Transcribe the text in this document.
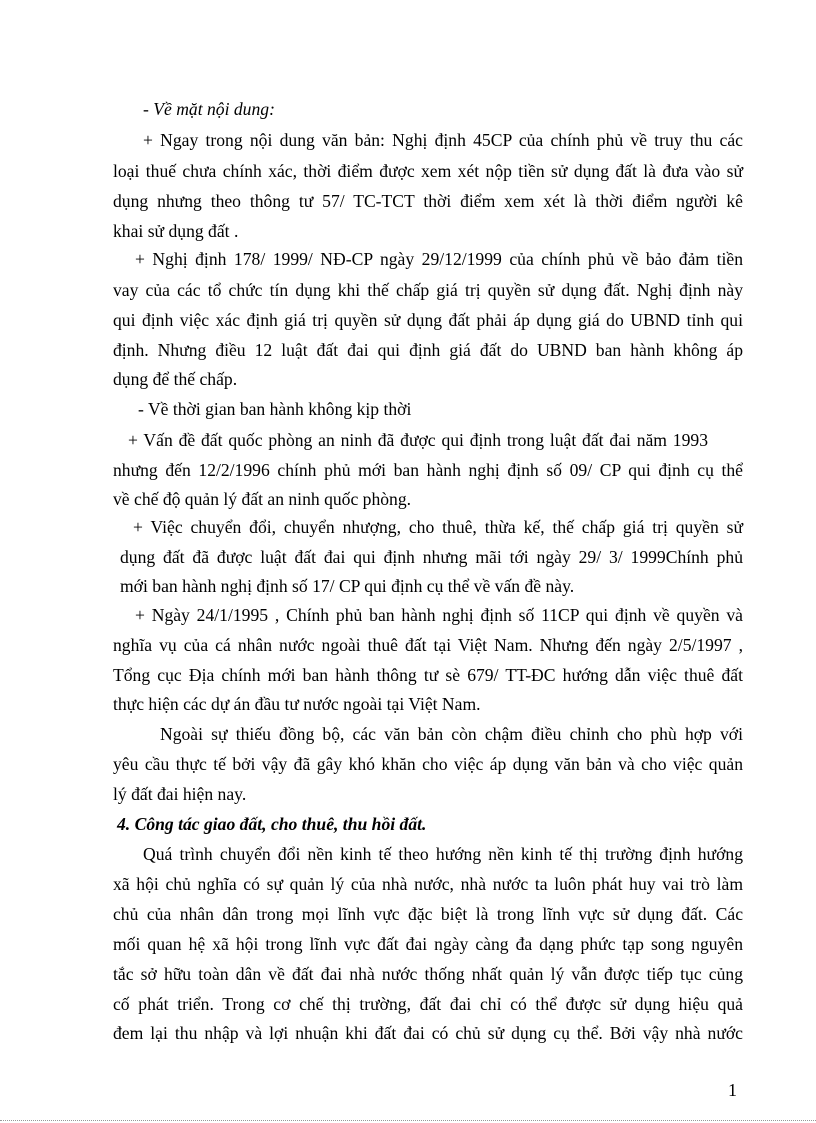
- Về mặt nội dung:
+ Ngay trong nội dung văn bản: Nghị định 45CP của chính phủ về truy thu các
loại thuế chưa chính xác, thời điểm được xem xét nộp tiền sử dụng đất là đưa vào sử
dụng nhưng theo thông tư 57/ TC-TCT thời điểm xem xét là thời điểm người kê
khai sử dụng đất .
+ Nghị định 178/ 1999/ NĐ-CP ngày 29/12/1999 của chính phủ về bảo đảm tiền
vay của các tổ chức tín dụng khi thế chấp giá trị quyền sử dụng đất. Nghị định này
qui định việc xác định giá trị quyền sử dụng đất phải áp dụng giá do UBND tỉnh qui
định. Nhưng điều 12 luật đất đai qui định giá đất do UBND ban hành không áp
dụng để thế chấp.
- Về thời gian ban hành không kịp thời
+ Vấn đề đất quốc phòng an ninh đã được qui định trong luật đất đai năm 1993
nhưng đến 12/2/1996 chính phủ mới ban hành nghị định số 09/ CP qui định cụ thể
về chế độ quản lý đất an ninh quốc phòng.
+ Việc chuyển đổi, chuyển nhượng, cho thuê, thừa kế, thế chấp giá trị quyền sử
dụng đất đã được luật đất đai qui định nhưng mãi tới ngày 29/ 3/ 1999Chính phủ
mới ban hành nghị định số 17/ CP qui định cụ thể về vấn đề này.
+ Ngày 24/1/1995 , Chính phủ ban hành nghị định số 11CP qui định về quyền và
nghĩa vụ của cá nhân nước ngoài thuê đất tại Việt Nam. Nhưng đến ngày 2/5/1997 ,
Tổng cục Địa chính mới ban hành thông tư sè 679/ TT-ĐC hướng dẫn việc thuê đất
thực hiện các dự án đầu tư nước ngoài tại Việt Nam.
Ngoài sự thiếu đồng bộ, các văn bản còn chậm điều chỉnh cho phù hợp với
yêu cầu thực tế bởi vậy đã gây khó khăn cho việc áp dụng văn bản và cho việc quản
lý đất đai hiện nay.
4. Công tác giao đất, cho thuê, thu hồi đất.
Quá trình chuyển đổi nền kinh tế theo hướng nền kinh tế thị trường định hướng
xã hội chủ nghĩa có sự quản lý của nhà nước, nhà nước ta luôn phát huy vai trò làm
chủ của nhân dân trong mọi lĩnh vực đặc biệt là trong lĩnh vực sử dụng đất. Các
mối quan hệ xã hội trong lĩnh vực đất đai ngày càng đa dạng phức tạp song nguyên
tắc sở hữu toàn dân về đất đai nhà nước thống nhất quản lý vẫn được tiếp tục củng
cố phát triển. Trong cơ chế thị trường, đất đai chỉ có thể được sử dụng hiệu quả
đem lại thu nhập và lợi nhuận khi đất đai có chủ sử dụng cụ thể. Bởi vậy nhà nước
1
